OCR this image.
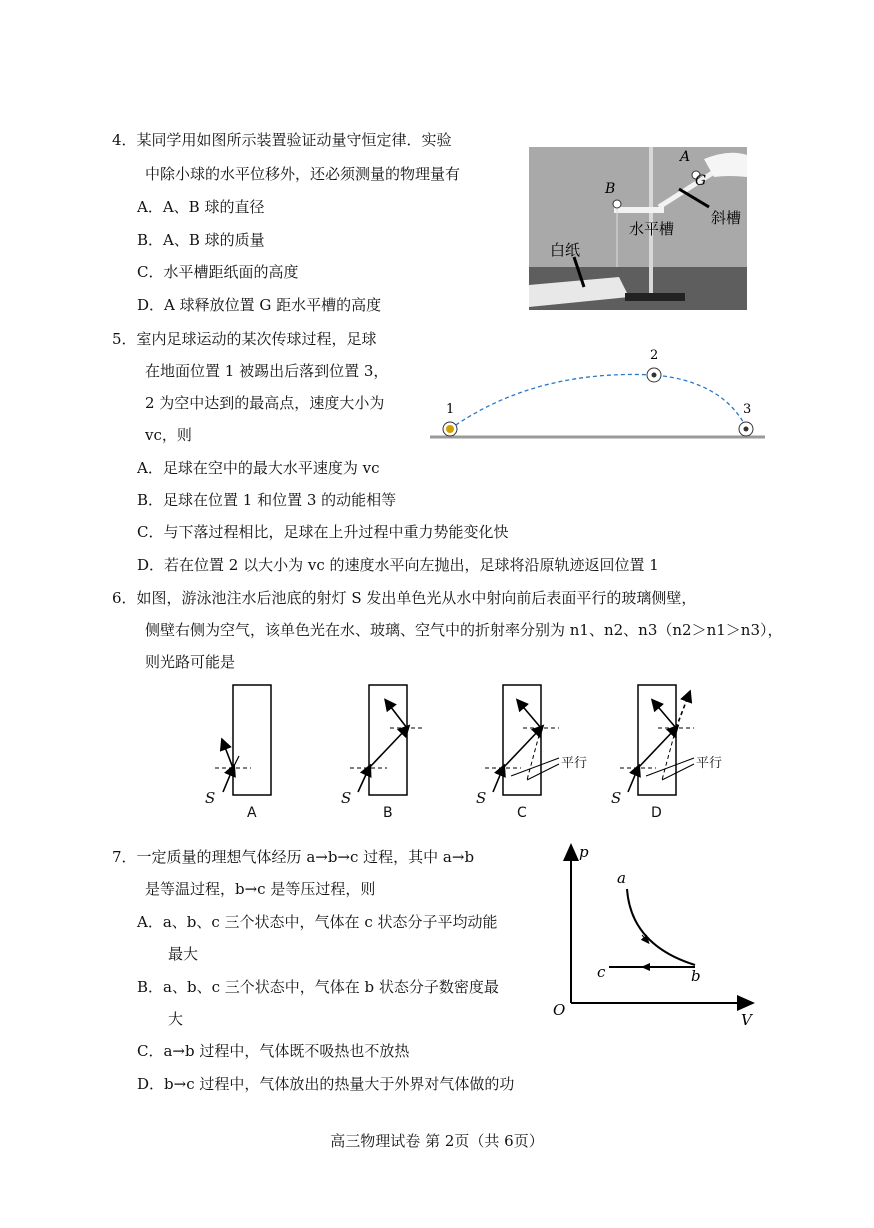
4．某同学用如图所示装置验证动量守恒定律．实验
中除小球的水平位移外，还必须测量的物理量有
A．A、B 球的直径
B．A、B 球的质量
C．水平槽距纸面的高度
D．A 球释放位置 G 距水平槽的高度
A
G
B
斜槽
水平槽
白纸
5．室内足球运动的某次传球过程，足球
在地面位置 1 被踢出后落到位置 3，
2 为空中达到的最高点，速度大小为
vc，则
A．足球在空中的最大水平速度为 vc
B．足球在位置 1 和位置 3 的动能相等
C．与下落过程相比，足球在上升过程中重力势能变化快
D．若在位置 2 以大小为 vc 的速度水平向左抛出，足球将沿原轨迹返回位置 1
1
2
3
6．如图，游泳池注水后池底的射灯 S 发出单色光从水中射向前后表面平行的玻璃侧壁，
侧壁右侧为空气，该单色光在水、玻璃、空气中的折射率分别为 n1、n2、n3（n2＞n1＞n3），
则光路可能是
S	S	S	S
平行	平行
A	B	C	D
7．一定质量的理想气体经历 a→b→c 过程，其中 a→b
是等温过程，b→c 是等压过程，则
A．a、b、c 三个状态中，气体在 c 状态分子平均动能
最大
B．a、b、c 三个状态中，气体在 b 状态分子数密度最
大
C．a→b 过程中，气体既不吸热也不放热
D．b→c 过程中，气体放出的热量大于外界对气体做的功
p
V
O
a
b
c
高三物理试卷 第 2页（共 6页）
